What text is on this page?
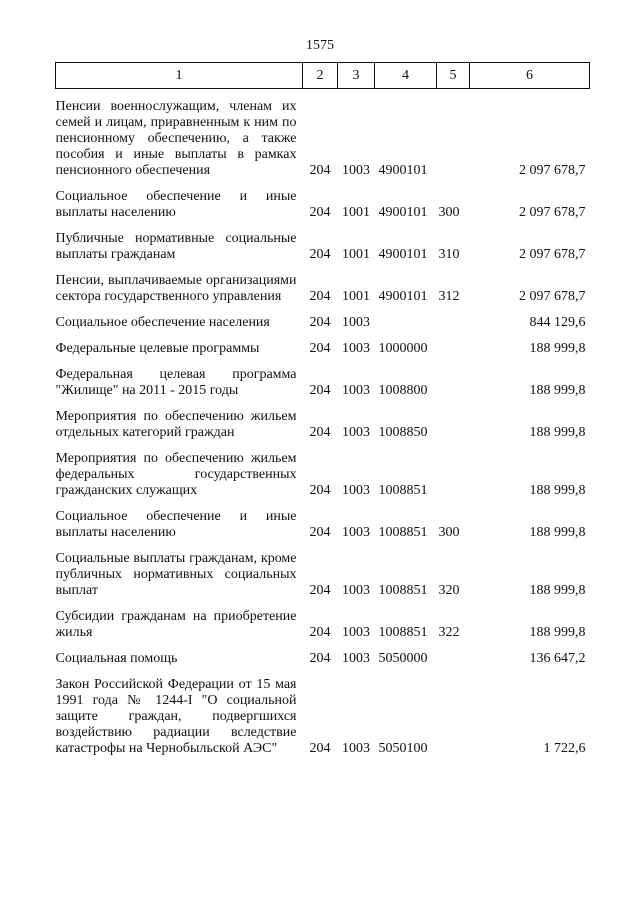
1575
1	2	3	4	5	6

Пенсии военнослужащим, членам их семей и лицам, приравненным к ним по пенсионному обеспечению, а также пособия и иные выплаты в рамках пенсионного обеспечения	204	1003	4900101		2 097 678,7

Социальное обеспечение и иные выплаты населению	204	1001	4900101	300	2 097 678,7

Публичные нормативные социальные выплаты гражданам	204	1001	4900101	310	2 097 678,7

Пенсии, выплачиваемые организациями сектора государственного управления	204	1001	4900101	312	2 097 678,7

Социальное обеспечение населения	204	1003			844 129,6

Федеральные целевые программы	204	1003	1000000		188 999,8

Федеральная целевая программа "Жилище" на 2011 - 2015 годы	204	1003	1008800		188 999,8

Мероприятия по обеспечению жильем отдельных категорий граждан	204	1003	1008850		188 999,8

Мероприятия по обеспечению жильем федеральных государственных гражданских служащих	204	1003	1008851		188 999,8

Социальное обеспечение и иные выплаты населению	204	1003	1008851	300	188 999,8

Социальные выплаты гражданам, кроме публичных нормативных социальных выплат	204	1003	1008851	320	188 999,8

Субсидии гражданам на приобретение жилья	204	1003	1008851	322	188 999,8

Социальная помощь	204	1003	5050000		136 647,2

Закон Российской Федерации от 15 мая 1991 года № 1244-I "О социальной защите граждан, подвергшихся воздействию радиации вследствие катастрофы на Чернобыльской АЭС"	204	1003	5050100		1 722,6
